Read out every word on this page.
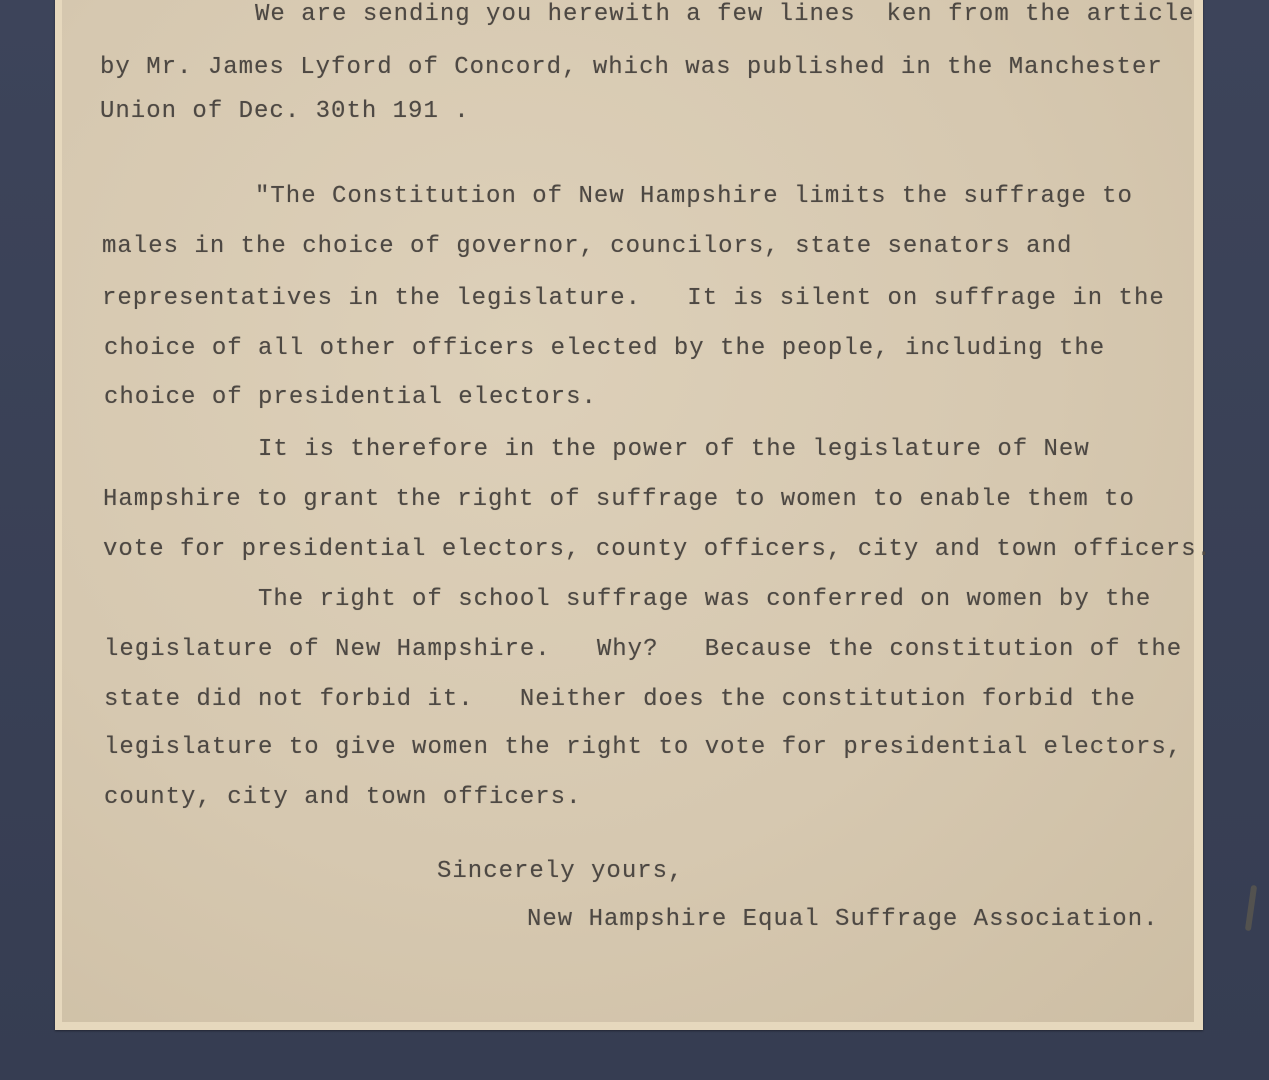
We are sending you herewith a few lines  ken from the article
by Mr. James Lyford of Concord, which was published in the Manchester
Union of Dec. 30th 191 .
"The Constitution of New Hampshire limits the suffrage to
males in the choice of governor, councilors, state senators and
representatives in the legislature.   It is silent on suffrage in the
choice of all other officers elected by the people, including the
choice of presidential electors.
It is therefore in the power of the legislature of New
Hampshire to grant the right of suffrage to women to enable them to
vote for presidential electors, county officers, city and town officers.
The right of school suffrage was conferred on women by the
legislature of New Hampshire.   Why?   Because the constitution of the
state did not forbid it.   Neither does the constitution forbid the
legislature to give women the right to vote for presidential electors,
county, city and town officers.
Sincerely yours,
New Hampshire Equal Suffrage Association.
